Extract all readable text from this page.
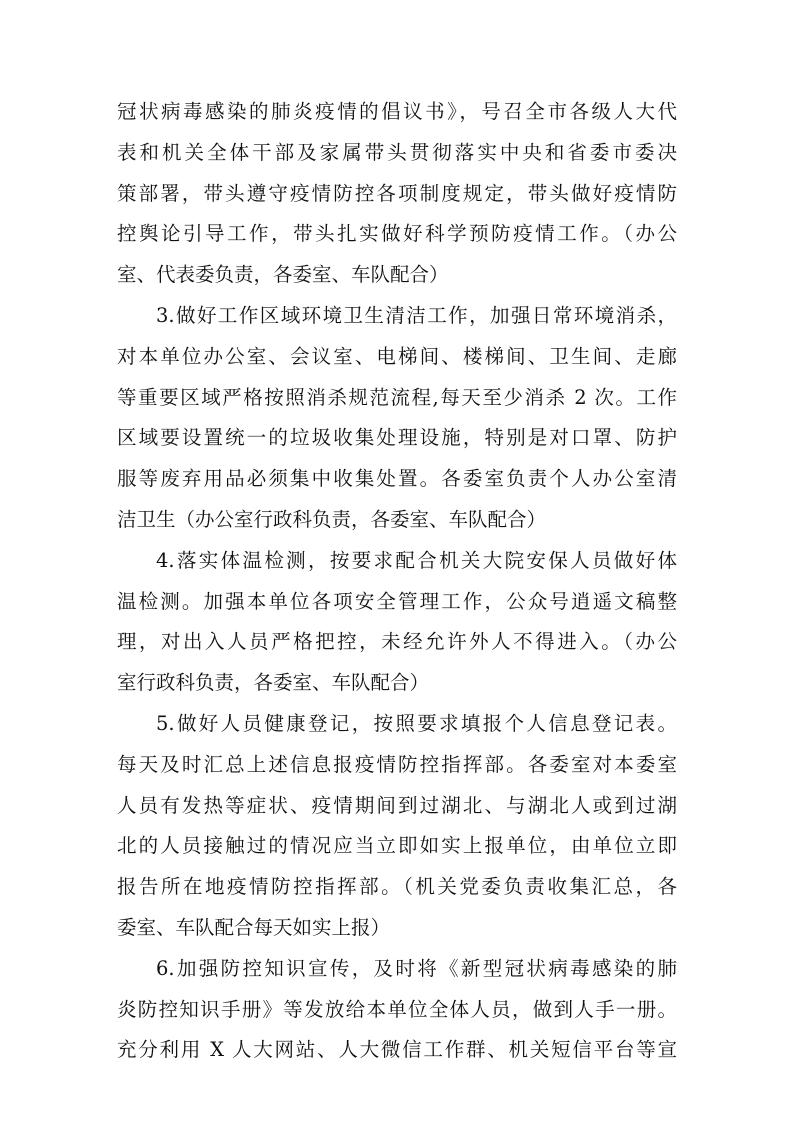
冠状病毒感染的肺炎疫情的倡议书》，号召全市各级人大代
表和机关全体干部及家属带头贯彻落实中央和省委市委决
策部署，带头遵守疫情防控各项制度规定，带头做好疫情防
控舆论引导工作，带头扎实做好科学预防疫情工作。（办公
室、代表委负责，各委室、车队配合）
3.做好工作区域环境卫生清洁工作，加强日常环境消杀，
对本单位办公室、会议室、电梯间、楼梯间、卫生间、走廊
等重要区域严格按照消杀规范流程,每天至少消杀 2 次。工作
区域要设置统一的垃圾收集处理设施，特别是对口罩、防护
服等废弃用品必须集中收集处置。各委室负责个人办公室清
洁卫生（办公室行政科负责，各委室、车队配合）
4.落实体温检测，按要求配合机关大院安保人员做好体
温检测。加强本单位各项安全管理工作，公众号逍遥文稿整
理，对出入人员严格把控，未经允许外人不得进入。（办公
室行政科负责，各委室、车队配合）
5.做好人员健康登记，按照要求填报个人信息登记表。
每天及时汇总上述信息报疫情防控指挥部。各委室对本委室
人员有发热等症状、疫情期间到过湖北、与湖北人或到过湖
北的人员接触过的情况应当立即如实上报单位，由单位立即
报告所在地疫情防控指挥部。（机关党委负责收集汇总，各
委室、车队配合每天如实上报）
6.加强防控知识宣传，及时将《新型冠状病毒感染的肺
炎防控知识手册》等发放给本单位全体人员，做到人手一册。
充分利用 X 人大网站、人大微信工作群、机关短信平台等宣
